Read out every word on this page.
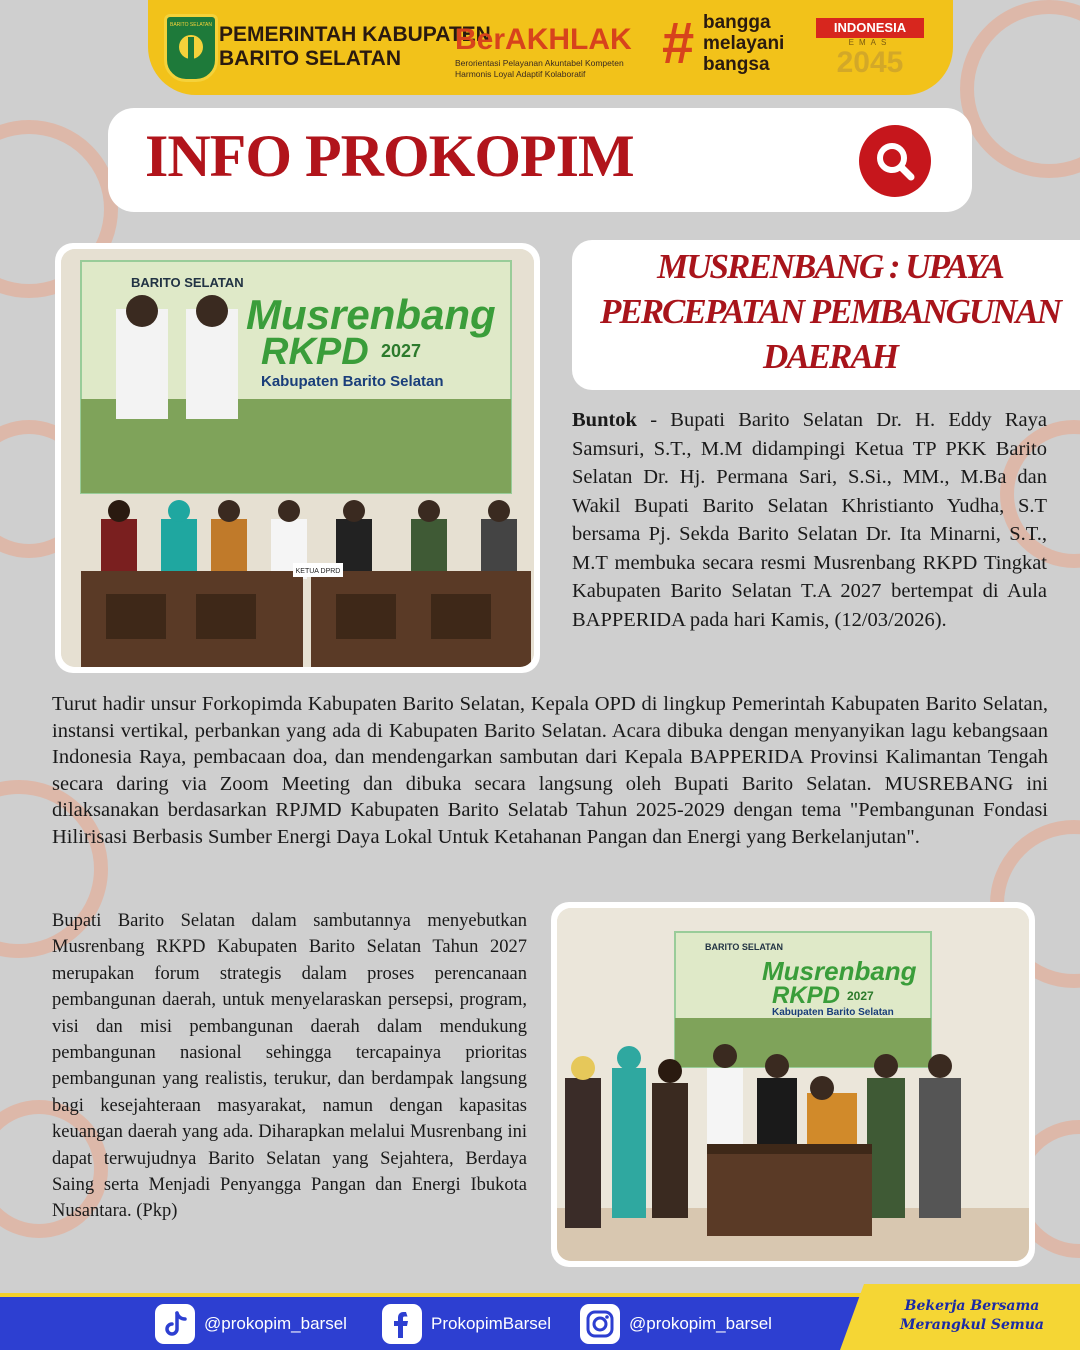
BARITO SELATAN PEMERINTAH KABUPATEN
BARITO SELATAN
BerAKHLAK
Berorientasi Pelayanan Akuntabel Kompeten
Harmonis Loyal Adaptif Kolaboratif	# bangga
melayani
bangsa
INDONESIA
EMAS
2045
INFO PROKOPIM
BARITO SELATAN
Musrenbang
RKPD 2027
Kabupaten Barito Selatan
KETUA DPRD
MUSRENBANG : UPAYA PERCEPATAN PEMBANGUNAN DAERAH
Buntok - Bupati Barito Selatan Dr. H. Eddy Raya Samsuri, S.T., M.M didampingi Ketua TP PKK Barito Selatan Dr. Hj. Permana Sari, S.Si., MM., M.Ba dan Wakil Bupati Barito Selatan Khristianto Yudha, S.T bersama Pj. Sekda Barito Selatan Dr. Ita Minarni, S.T., M.T membuka secara resmi Musrenbang RKPD Tingkat Kabupaten Barito Selatan T.A 2027 bertempat di Aula BAPPERIDA pada hari Kamis, (12/03/2026).
Turut hadir unsur Forkopimda Kabupaten Barito Selatan, Kepala OPD di lingkup Pemerintah Kabupaten Barito Selatan, instansi vertikal, perbankan yang ada di Kabupaten Barito Selatan. Acara dibuka dengan menyanyikan lagu kebangsaan Indonesia Raya, pembacaan doa, dan mendengarkan sambutan dari Kepala BAPPERIDA Provinsi Kalimantan Tengah secara daring via Zoom Meeting dan dibuka secara langsung oleh Bupati Barito Selatan. MUSREBANG ini dilaksanakan berdasarkan RPJMD Kabupaten Barito Selatab Tahun 2025-2029 dengan tema "Pembangunan Fondasi Hilirisasi Berbasis Sumber Energi Daya Lokal Untuk Ketahanan Pangan dan Energi yang Berkelanjutan".
Bupati Barito Selatan dalam sambutannya menyebutkan Musrenbang RKPD Kabupaten Barito Selatan Tahun 2027 merupakan forum strategis dalam proses perencanaan pembangunan daerah, untuk menyelaraskan persepsi, program, visi dan misi pembangunan daerah dalam mendukung pembangunan nasional sehingga tercapainya prioritas pembangunan yang realistis, terukur, dan berdampak langsung bagi kesejahteraan masyarakat, namun dengan kapasitas keuangan daerah yang ada. Diharapkan melalui Musrenbang ini dapat terwujudnya Barito Selatan yang Sejahtera, Berdaya Saing serta Menjadi Penyangga Pangan dan Energi Ibukota Nusantara. (Pkp)
BARITO SELATAN
Musrenbang
RKPD 2027
Kabupaten Barito Selatan
@prokopim_barsel	ProkopimBarsel	@prokopim_barsel
Bekerja Bersama
Merangkul Semua
